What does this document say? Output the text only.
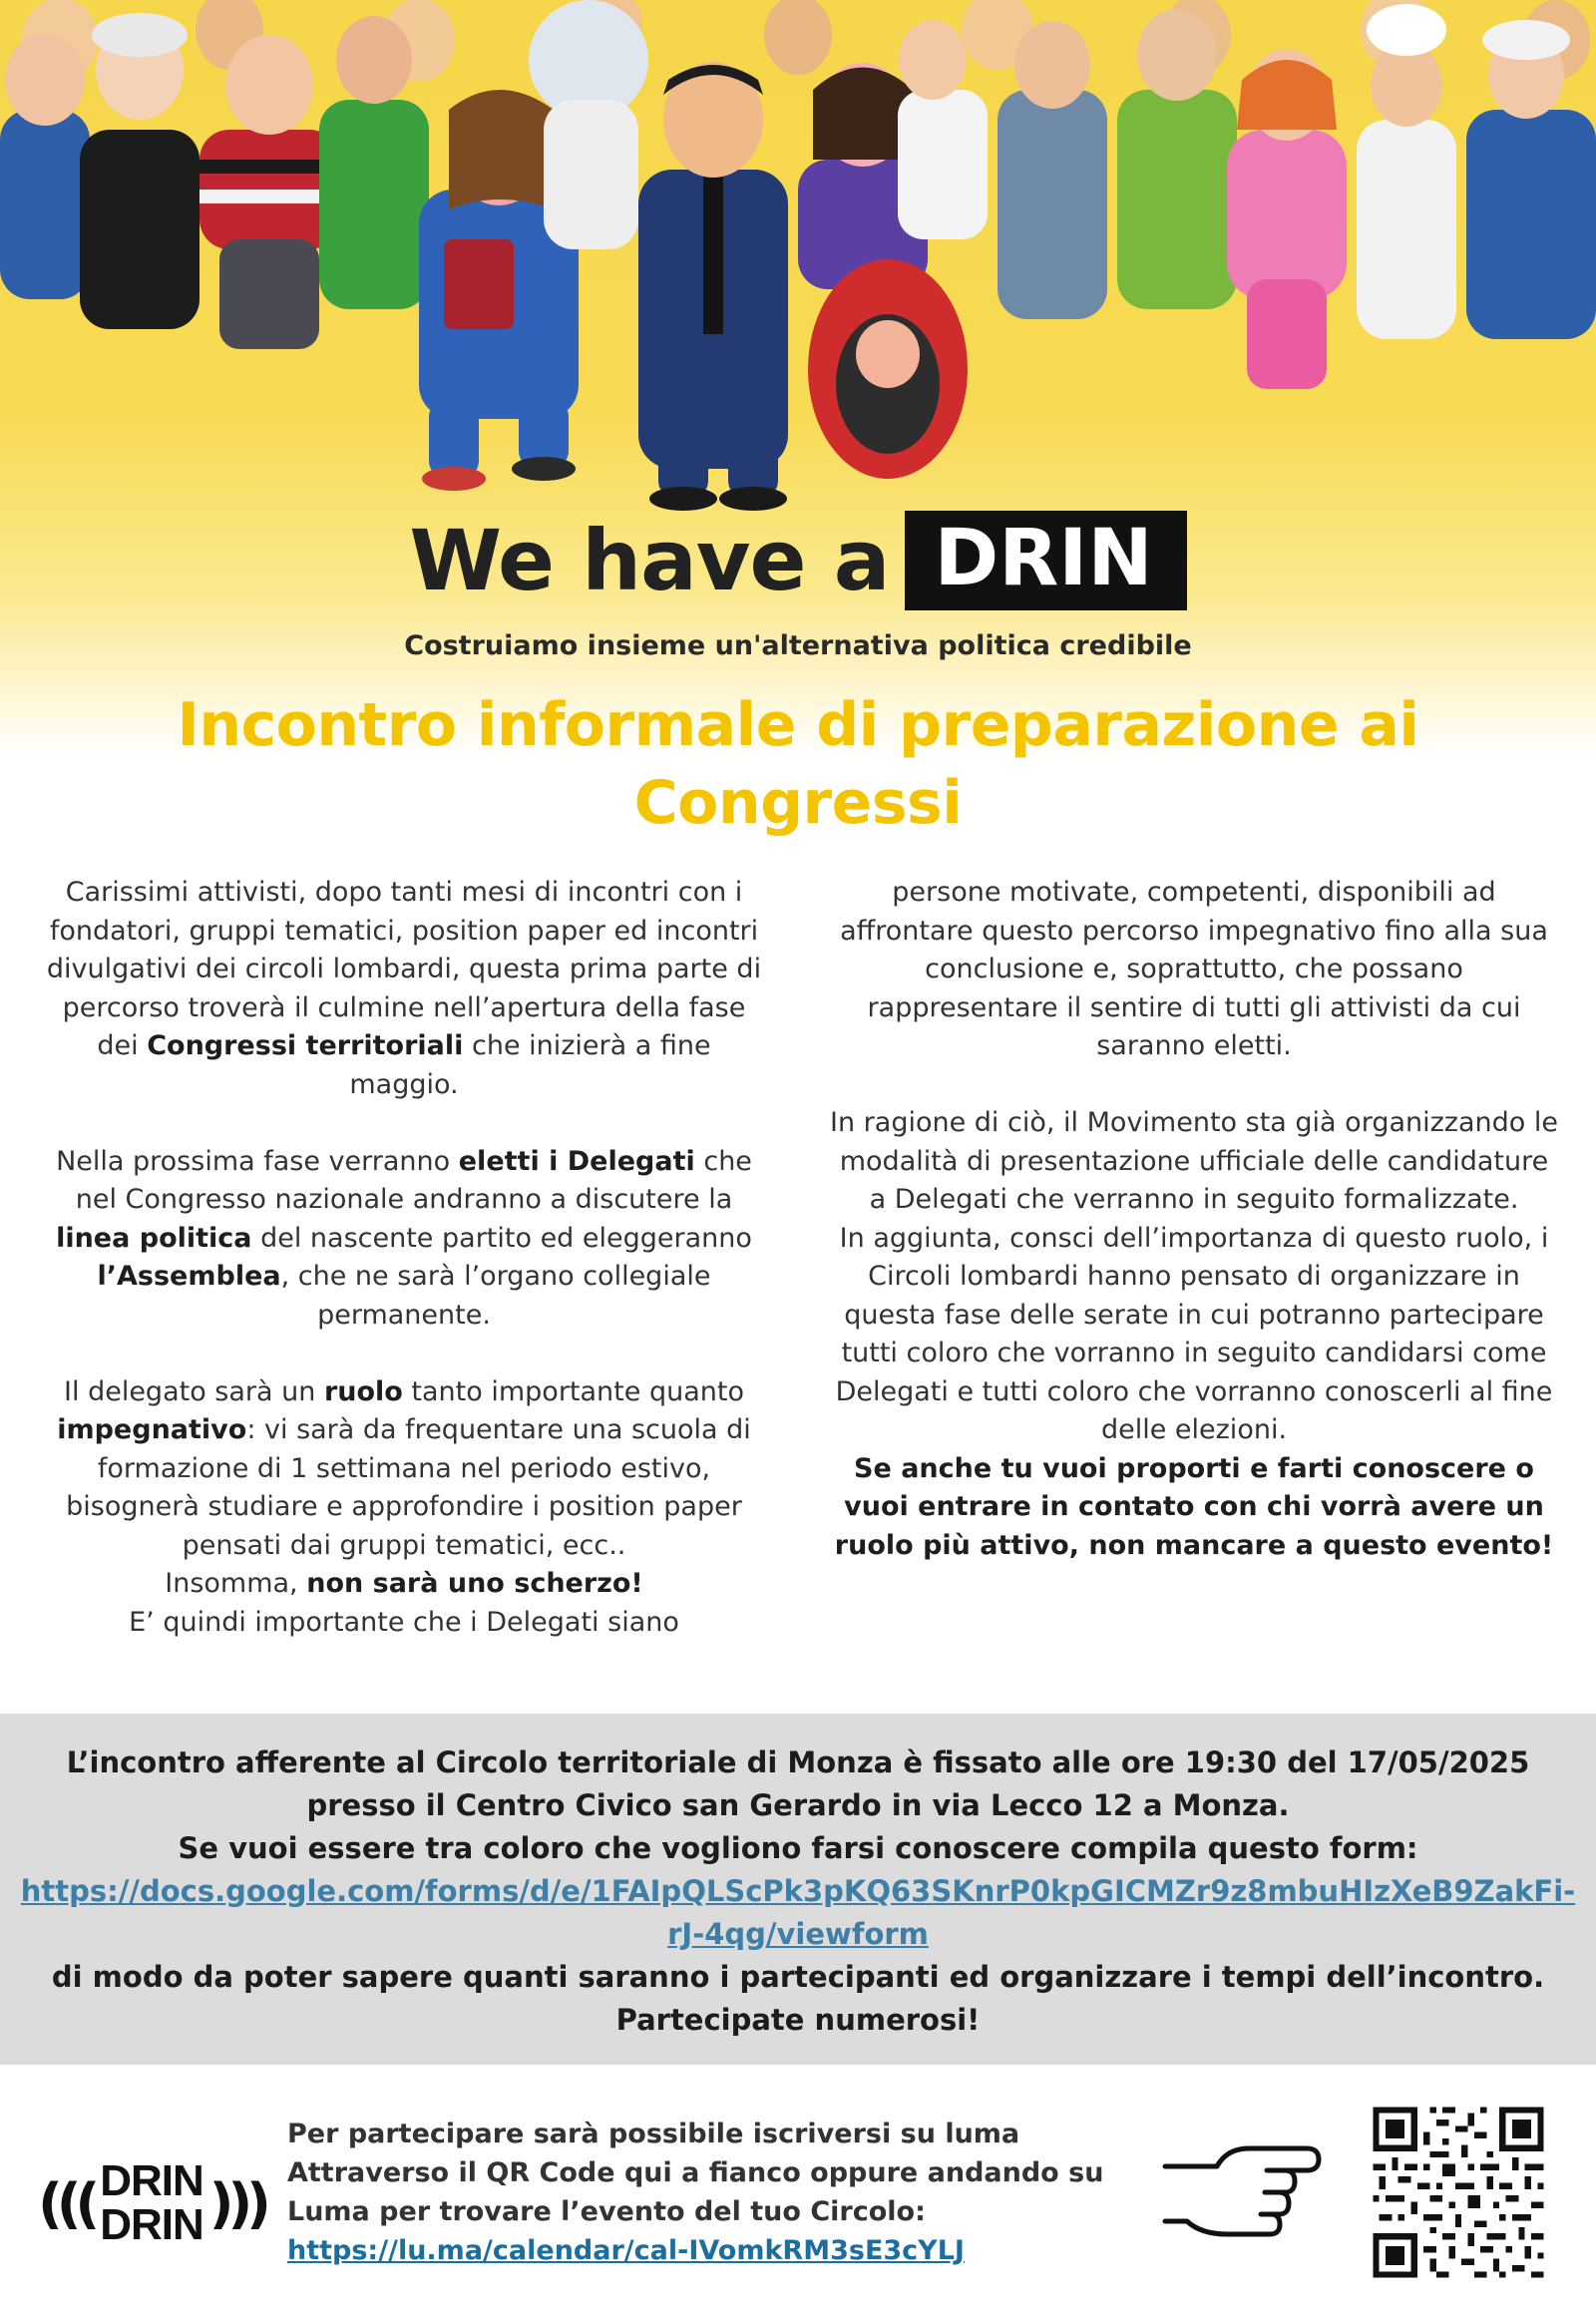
We have a DRIN
Costruiamo insieme un'alternativa politica credibile
Incontro informale di preparazione ai Congressi

Carissimi attivisti, dopo tanti mesi di incontri con i fondatori, gruppi tematici, position paper ed incontri divulgativi dei circoli lombardi, questa prima parte di percorso troverà il culmine nell’apertura della fase dei Congressi territoriali che inizierà a fine maggio.

Nella prossima fase verranno eletti i Delegati che nel Congresso nazionale andranno a discutere la linea politica del nascente partito ed eleggeranno l’Assemblea, che ne sarà l’organo collegiale permanente.

Il delegato sarà un ruolo tanto importante quanto impegnativo: vi sarà da frequentare una scuola di formazione di 1 settimana nel periodo estivo, bisognerà studiare e approfondire i position paper pensati dai gruppi tematici, ecc..

Insomma, non sarà uno scherzo!

E’ quindi importante che i Delegati siano

persone motivate, competenti, disponibili ad affrontare questo percorso impegnativo fino alla sua conclusione e, soprattutto, che possano rappresentare il sentire di tutti gli attivisti da cui saranno eletti.

In ragione di ciò, il Movimento sta già organizzando le modalità di presentazione ufficiale delle candidature a Delegati che verranno in seguito formalizzate.

In aggiunta, consci dell’importanza di questo ruolo, i Circoli lombardi hanno pensato di organizzare in questa fase delle serate in cui potranno partecipare tutti coloro che vorranno in seguito candidarsi come Delegati e tutti coloro che vorranno conoscerli al fine delle elezioni.

Se anche tu vuoi proporti e farti conoscere o vuoi entrare in contato con chi vorrà avere un ruolo più attivo, non mancare a questo evento!

L’incontro afferente al Circolo territoriale di Monza è fissato alle ore 19:30 del 17/05/2025
presso il Centro Civico san Gerardo in via Lecco 12 a Monza.
Se vuoi essere tra coloro che vogliono farsi conoscere compila questo form:
https://docs.google.com/forms/d/e/1FAIpQLScPk3pKQ63SKnrP0kpGICMZr9z8mbuHIzXeB9ZakFi-rJ-4qg/viewform
di modo da poter sapere quanti saranno i partecipanti ed organizzare i tempi dell’incontro.
Partecipate numerosi!
((( DRIN
DRIN )))
Per partecipare sarà possibile iscriversi su luma
Attraverso il QR Code qui a fianco oppure andando su
Luma per trovare l’evento del tuo Circolo:
https://lu.ma/calendar/cal-IVomkRM3sE3cYLJ
